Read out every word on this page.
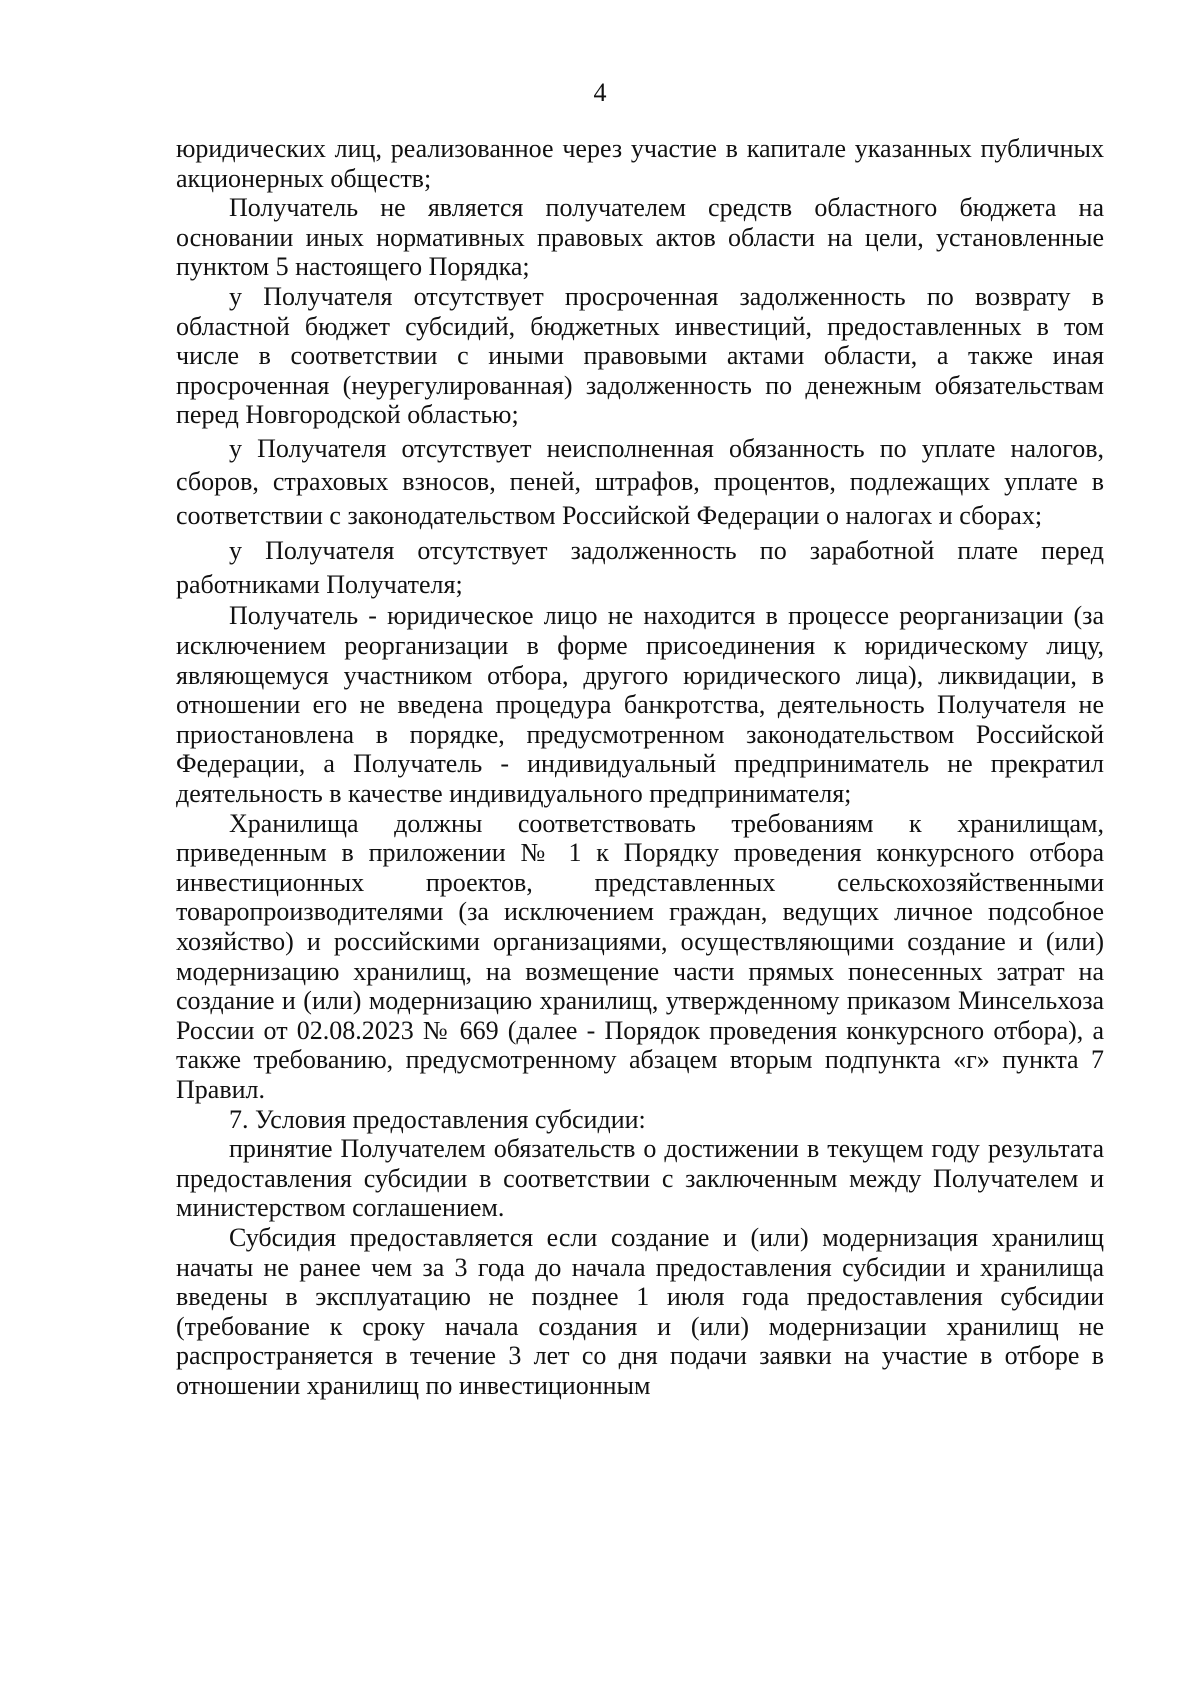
4

юридических лиц, реализованное через участие в капитале указанных публичных акционерных обществ;

Получатель не является получателем средств областного бюджета на основании иных нормативных правовых актов области на цели, установленные пунктом 5 настоящего Порядка;

у Получателя отсутствует просроченная задолженность по возврату в областной бюджет субсидий, бюджетных инвестиций, предоставленных в том числе в соответствии с иными правовыми актами области, а также иная просроченная (неурегулированная) задолженность по денежным обязательствам перед Новгородской областью;

у Получателя отсутствует неисполненная обязанность по уплате налогов, сборов, страховых взносов, пеней, штрафов, процентов, подлежащих уплате в соответствии с законодательством Российской Федерации о налогах и сборах;

у Получателя отсутствует задолженность по заработной плате перед работниками Получателя;

Получатель - юридическое лицо не находится в процессе реорганизации (за исключением реорганизации в форме присоединения к юридическому лицу, являющемуся участником отбора, другого юридического лица), ликвидации, в отношении его не введена процедура банкротства, деятельность Получателя не приостановлена в порядке, предусмотренном законодательством Российской Федерации, а Получатель - индивидуальный предприниматель не прекратил деятельность в качестве индивидуального предпринимателя;

Хранилища должны соответствовать требованиям к хранилищам, приведенным в приложении № 1 к Порядку проведения конкурсного отбора инвестиционных проектов, представленных сельскохозяйственными товаропроизводителями (за исключением граждан, ведущих личное подсобное хозяйство) и российскими организациями, осуществляющими создание и (или) модернизацию хранилищ, на возмещение части прямых понесенных затрат на создание и (или) модернизацию хранилищ, утвержденному приказом Минсельхоза России от 02.08.2023 № 669 (далее - Порядок проведения конкурсного отбора), а также требованию, предусмотренному абзацем вторым подпункта «г» пункта 7 Правил.

7. Условия предоставления субсидии:

принятие Получателем обязательств о достижении в текущем году результата предоставления субсидии в соответствии с заключенным между Получателем и министерством соглашением.

Субсидия предоставляется если создание и (или) модернизация хранилищ начаты не ранее чем за 3 года до начала предоставления субсидии и хранилища введены в эксплуатацию не позднее 1 июля года предоставления субсидии (требование к сроку начала создания и (или) модернизации хранилищ не распространяется в течение 3 лет со дня подачи заявки на участие в отборе в отношении хранилищ по инвестиционным
